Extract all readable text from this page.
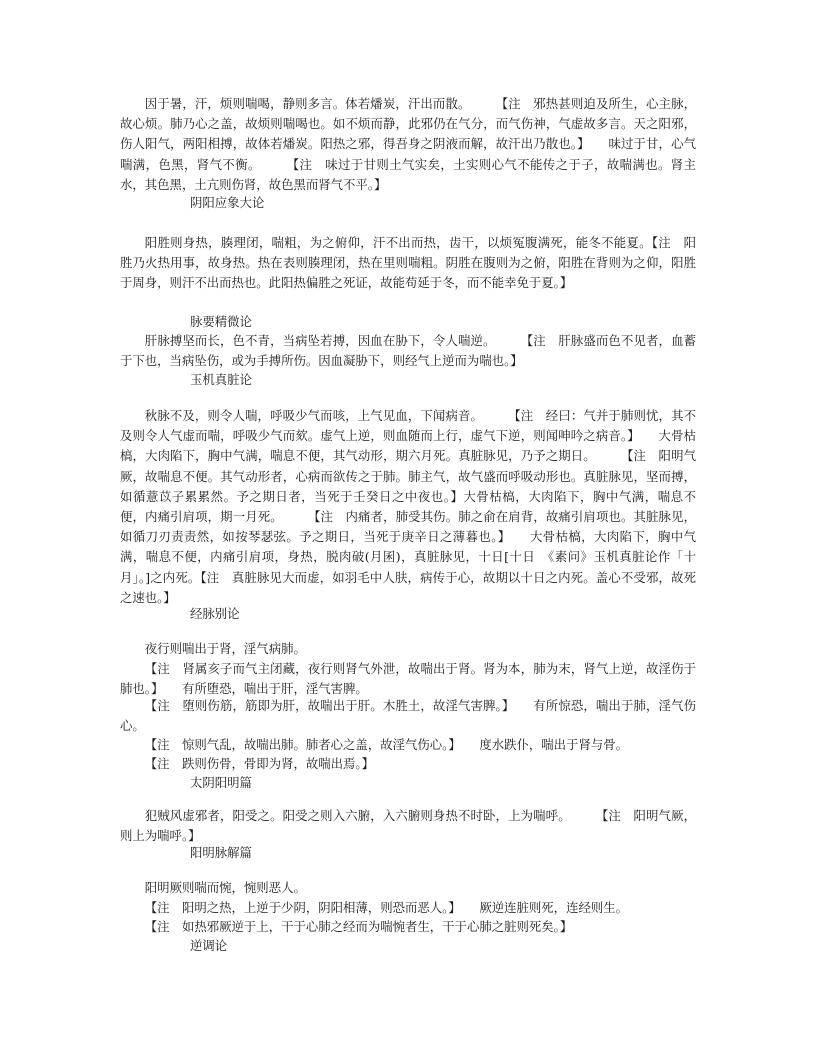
因于暑，汗，烦则喘喝，静则多言。体若燔炭，汗出而散。　　　【注　邪热甚则迫及所生，心主脉，故心烦。肺乃心之盖，故烦则喘喝也。如不烦而静，此邪仍在气分，而气伤神，气虚故多言。天之阳邪，伤人阳气，两阳相搏，故体若燔炭。阳热之邪，得吾身之阴液而解，故汗出乃散也。】　　味过于甘，心气喘满，色黑，肾气不衡。　　　【注　味过于甘则土气实矣，土实则心气不能传之于子，故喘满也。肾主水，其色黑，土亢则伤肾，故色黑而肾气不平。】

阴阳应象大论

阳胜则身热，腠理闭，喘粗，为之俯仰，汗不出而热，齿干，以烦冤腹满死，能冬不能夏。【注　阳胜乃火热用事，故身热。热在表则腠理闭，热在里则喘粗。阴胜在腹则为之俯，阳胜在背则为之仰，阳胜于周身，则汗不出而热也。此阳热偏胜之死证，故能苟延于冬，而不能幸免于夏。】

脉要精微论

肝脉搏坚而长，色不青，当病坠若搏，因血在胁下，令人喘逆。　　　【注　肝脉盛而色不见者，血蓄于下也，当病坠伤，或为手搏所伤。因血凝胁下，则经气上逆而为喘也。】

玉机真脏论

秋脉不及，则令人喘，呼吸少气而咳，上气见血，下闻病音。　　　【注　经曰：气并于肺则忧，其不及则令人气虚而喘，呼吸少气而欬。虚气上逆，则血随而上行，虚气下逆，则闻呻吟之病音。】　　大骨枯槁，大肉陷下，胸中气满，喘息不便，其气动形，期六月死。真脏脉见，乃予之期日。　　　【注　阳明气厥，故喘息不便。其气动形者，心病而欲传之于肺。肺主气，故气盛而呼吸动形也。真脏脉见，坚而搏，如循薏苡子累累然。予之期日者，当死于壬癸日之中夜也。】大骨枯槁，大肉陷下，胸中气满，喘息不便，内痛引肩项，期一月死。　　　【注　内痛者，肺受其伤。肺之俞在肩背，故痛引肩项也。其脏脉见，如循刀刃责责然，如按琴瑟弦。予之期日，当死于庚辛日之薄暮也。】　　大骨枯槁，大肉陷下，胸中气满，喘息不便，内痛引肩项，身热，脱肉破(月囷)，真脏脉见，十日[十日　《素问》玉机真脏论作「十月」。]之内死。【注　真脏脉见大而虚，如羽毛中人肤，病传于心，故期以十日之内死。盖心不受邪，故死之速也。】

经脉别论

夜行则喘出于肾，淫气病肺。

【注　肾属亥子而气主闭藏，夜行则肾气外泄，故喘出于肾。肾为本，肺为末，肾气上逆，故淫伤于肺也。】　　有所堕恐，喘出于肝，淫气害脾。

【注　堕则伤筋，筋即为肝，故喘出于肝。木胜土，故淫气害脾。】　　有所惊恐，喘出于肺，淫气伤心。

【注　惊则气乱，故喘出肺。肺者心之盖，故淫气伤心。】　　度水跌仆，喘出于肾与骨。

【注　跌则伤骨，骨即为肾，故喘出焉。】

太阴阳明篇

犯贼风虚邪者，阳受之。阳受之则入六腑，入六腑则身热不时卧，上为喘呼。　　　【注　阳明气厥，则上为喘呼。】

阳明脉解篇

阳明厥则喘而惋，惋则恶人。

【注　阳明之热，上逆于少阴，阴阳相薄，则恐而恶人。】　　厥逆连脏则死，连经则生。

【注　如热邪厥逆于上，干于心肺之经而为喘惋者生，干于心肺之脏则死矣。】

逆调论
